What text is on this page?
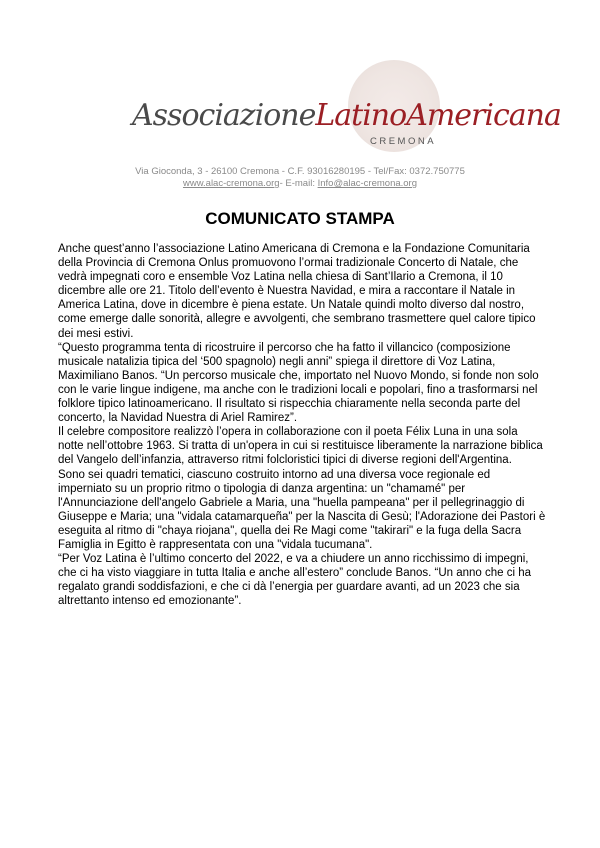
AssociazioneLatinoAmericana
CREMONA
Via Gioconda, 3 - 26100 Cremona - C.F. 93016280195 - Tel/Fax: 0372.750775
www.alac-cremona.org- E-mail: Info@alac-cremona.org
COMUNICATO STAMPA

Anche quest’anno l’associazione Latino Americana di Cremona e la Fondazione Comunitaria della Provincia di Cremona Onlus promuovono l’ormai tradizionale Concerto di Natale, che vedrà impegnati coro e ensemble Voz Latina nella chiesa di Sant’Ilario a Cremona, il 10 dicembre alle ore 21. Titolo dell’evento è Nuestra Navidad, e mira a raccontare il Natale in America Latina, dove in dicembre è piena estate. Un Natale quindi molto diverso dal nostro, come emerge dalle sonorità, allegre e avvolgenti, che sembrano trasmettere quel calore tipico dei mesi estivi.

“Questo programma tenta di ricostruire il percorso che ha fatto il villancico (composizione musicale natalizia tipica del ‘500 spagnolo) negli anni” spiega il direttore di Voz Latina, Maximiliano Banos. “Un percorso musicale che, importato nel Nuovo Mondo, si fonde non solo con le varie lingue indigene, ma anche con le tradizioni locali e popolari, fino a trasformarsi nel folklore tipico latinoamericano. Il risultato si rispecchia chiaramente nella seconda parte del concerto, la Navidad Nuestra di Ariel Ramirez”.

Il celebre compositore realizzò l’opera in collaborazione con il poeta Félix Luna in una sola notte nell’ottobre 1963. Si tratta di un'opera in cui si restituisce liberamente la narrazione biblica del Vangelo dell’infanzia, attraverso ritmi folcloristici tipici di diverse regioni dell'Argentina.

Sono sei quadri tematici, ciascuno costruito intorno ad una diversa voce regionale ed imperniato su un proprio ritmo o tipologia di danza argentina: un "chamamé" per l'Annunciazione dell'angelo Gabriele a Maria, una "huella pampeana" per il pellegrinaggio di Giuseppe e Maria; una "vidala catamarqueña" per la Nascita di Gesù; l'Adorazione dei Pastori è eseguita al ritmo di "chaya riojana", quella dei Re Magi come "takirari" e la fuga della Sacra Famiglia in Egitto è rappresentata con una "vidala tucumana".

“Per Voz Latina è l’ultimo concerto del 2022, e va a chiudere un anno ricchissimo di impegni, che ci ha visto viaggiare in tutta Italia e anche all’estero” conclude Banos. “Un anno che ci ha regalato grandi soddisfazioni, e che ci dà l’energia per guardare avanti, ad un 2023 che sia altrettanto intenso ed emozionante”.
